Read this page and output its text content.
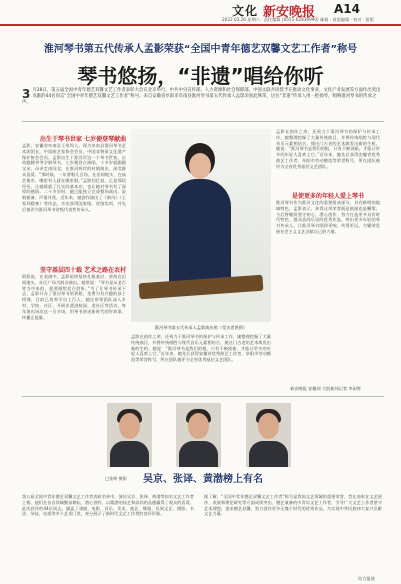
文化 新安晚报 A14
2022.03.26 星期六 · 责任编辑 (0551-62839990) 邮箱 · 视觉编辑 · 校对 · 组版
淮河琴书第五代传承人孟影荣获“全国中青年德艺双馨文艺工作者”称号
琴书悠扬，“非遗”唱给你听
3 月28日，第五届全国中青年德艺双馨文艺工作者表彰大会在北京举行，中共中央宣传部、人力资源和社会保障部、中国文联共同授予在推动文化事业、文化产业发展等方面作出突出贡献的44名同志“全国中青年德艺双馨文艺工作者”称号。来自安徽省阜阳市阜南县淮河琴书第五代传承人孟影荣获此殊荣，这位“非遗”传承人用一把扬琴，唱响淮河琴书的传承之声。
出生于琴书世家 七岁便登琴献曲
孟影，安徽省阜南县王家坝人，现为阜南县淮河琴书艺术团团长，中国曲艺家协会会员，中国非物质文化遗产保护协会会员。孟影出生于淮河岸边一个琴书世家，自幼跟随爷爷学唱琴书，七岁便登台演唱，十多岁就跟随父亲、母亲走南闯北，在淮河两岸的村镇演出，深受群众喜爱。“那时候，一年要唱几百场，在田间地头、在庙会集市，哪里有人就在哪里唱。”孟影回忆说，正是那段经历，让她练就了扎实的基本功，也让她对琴书有了深厚的感情。二十多岁时，她已能独立完成整场演出，说唱兼备，声情并茂。近年来，她创作演出了《新风》《王家坝精神》等作品，多次获得国家级、省级奖项，并先后被评为淮河琴书省级代表性传承人。
坚守基层四十载 艺术之路在农村
阿影说，在表演中，孟影始终坚持扎根基层，坚持在田间地头、社区广场为群众演出。她常说：“琴书是从老百姓当中来的，就要唱给老百姓听。”为了让琴书传承下去，孟影开办了淮河琴书培训班，免费为有兴趣的孩子授课，目前已培养学员上百人。她还带领团队深入乡村、学校、社区，开展非遗进校园、进社区等活动，每年演出场次达一百多场，用琴书讲述新时代的好故事，传播正能量。
淮河琴书第五代传承人孟影演出照（受访者供图）
孟影在创作之余，还致力于淮河琴书的保护与传承工作，她整理挖掘了大量传统曲目，并将传统唱腔与现代音乐元素相结合，使这门古老的艺术焕发出新的生机。她说：“淮河琴书是我们的根，只有不断创新，才能让更多的年轻人喜欢上它。”近年来，她先后获得安徽省优秀曲艺工作者、阜阳市劳动模范等荣誉称号，所在团队被评为全省优秀基层文艺团队。
孟影在创作之余，还致力于淮河琴书的保护与传承工作，她整理挖掘了大量传统曲目，并将传统唱腔与现代音乐元素相结合，使这门古老的艺术焕发出新的生机。她说：“淮河琴书是我们的根，只有不断创新，才能让更多的年轻人喜欢上它。”近年来，她先后获得安徽省优秀曲艺工作者、阜阳市劳动模范等荣誉称号，所在团队被评为全省优秀基层文艺团队。
是使更多的年轻人爱上琴书
淮河琴书作为淮河文化的重要组成部分，具有鲜明的地域特色。孟影表示，获得这项荣誉既是鼓励也是鞭策，今后将继续坚守初心，潜心创作，努力打造更多具有时代特色、群众喜闻乐见的优秀作品，带出更多年轻的琴书传承人，让淮河琴书唱得更响、传得更远，为繁荣发展社会主义文艺贡献自己的力量。
新安晚报 安徽网 大皖新闻记者 李闲霄
□张峥 摄影 吴京、张译、黄渤榜上有名
第五届全国中青年德艺双馨文艺工作者表彰名单中，演员吴京、张译、黄渤等知名文艺工作者上榜。他们在各自领域勤奋耕耘，潜心创作，以精湛的技艺和高尚的品德赢得了观众的喜爱。此次获评的44位同志，涵盖了戏剧、电影、音乐、美术、曲艺、舞蹈、民间文艺、摄影、书法、杂技、电视等多个艺术门类，充分展示了新时代文艺工作者的良好形象。
据了解，“全国中青年德艺双馨文艺工作者”称号是我国文艺领域的重要荣誉，旨在表彰在文艺创作、表演和理论研究等方面成绩突出、德艺兼备的中青年文艺工作者，引导广大文艺工作者坚守艺术理想，追求德艺双馨，努力创作更多无愧于时代的优秀作品，为实现中华民族伟大复兴贡献文艺力量。
综合报道
